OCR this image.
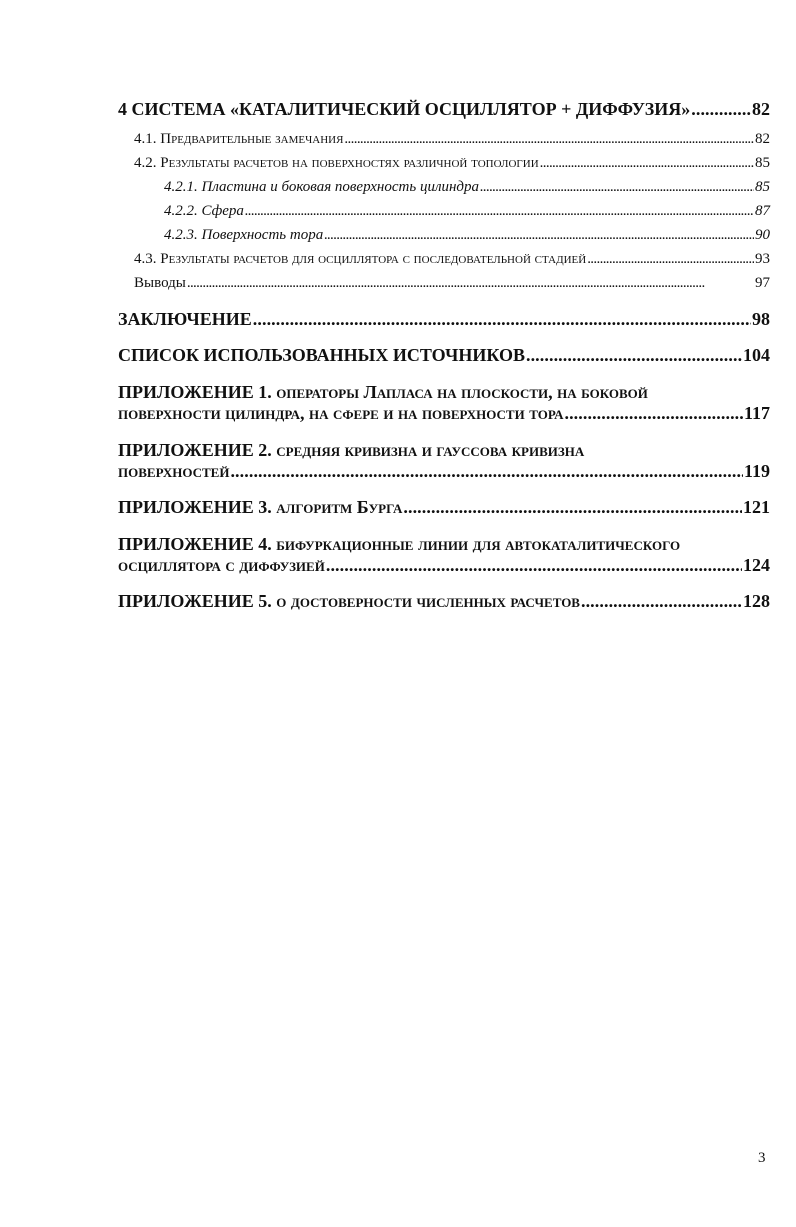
4 СИСТЕМА «КАТАЛИТИЧЕСКИЙ ОСЦИЛЛЯТОР + ДИФФУЗИЯ» . . .	82
4.1. Предварительные замечания . . .	82
4.2. Результаты расчетов на поверхностях различной топологии . . .	85
4.2.1. Пластина и боковая поверхность цилиндра . . .	85
4.2.2. Сфера . . .	87
4.2.3. Поверхность тора . . .	90
4.3. Результаты расчетов для осциллятора с последовательной стадией . . .	93
Выводы . . .	97
ЗАКЛЮЧЕНИЕ . . .	98
СПИСОК ИСПОЛЬЗОВАННЫХ ИСТОЧНИКОВ . . .	104
ПРИЛОЖЕНИЕ 1. операторы Лапласа на плоскости, на боковой
поверхности цилиндра, на сфере и на поверхности тора . . .	117
ПРИЛОЖЕНИЕ 2. средняя кривизна и гауссова кривизна
поверхностей . . .	119
ПРИЛОЖЕНИЕ 3. алгоритм Бурга . . .	121
ПРИЛОЖЕНИЕ 4. бифуркационные линии для автокаталитического
осциллятора с диффузией . . .	124
ПРИЛОЖЕНИЕ 5. о достоверности численных расчетов . . .	128
3
